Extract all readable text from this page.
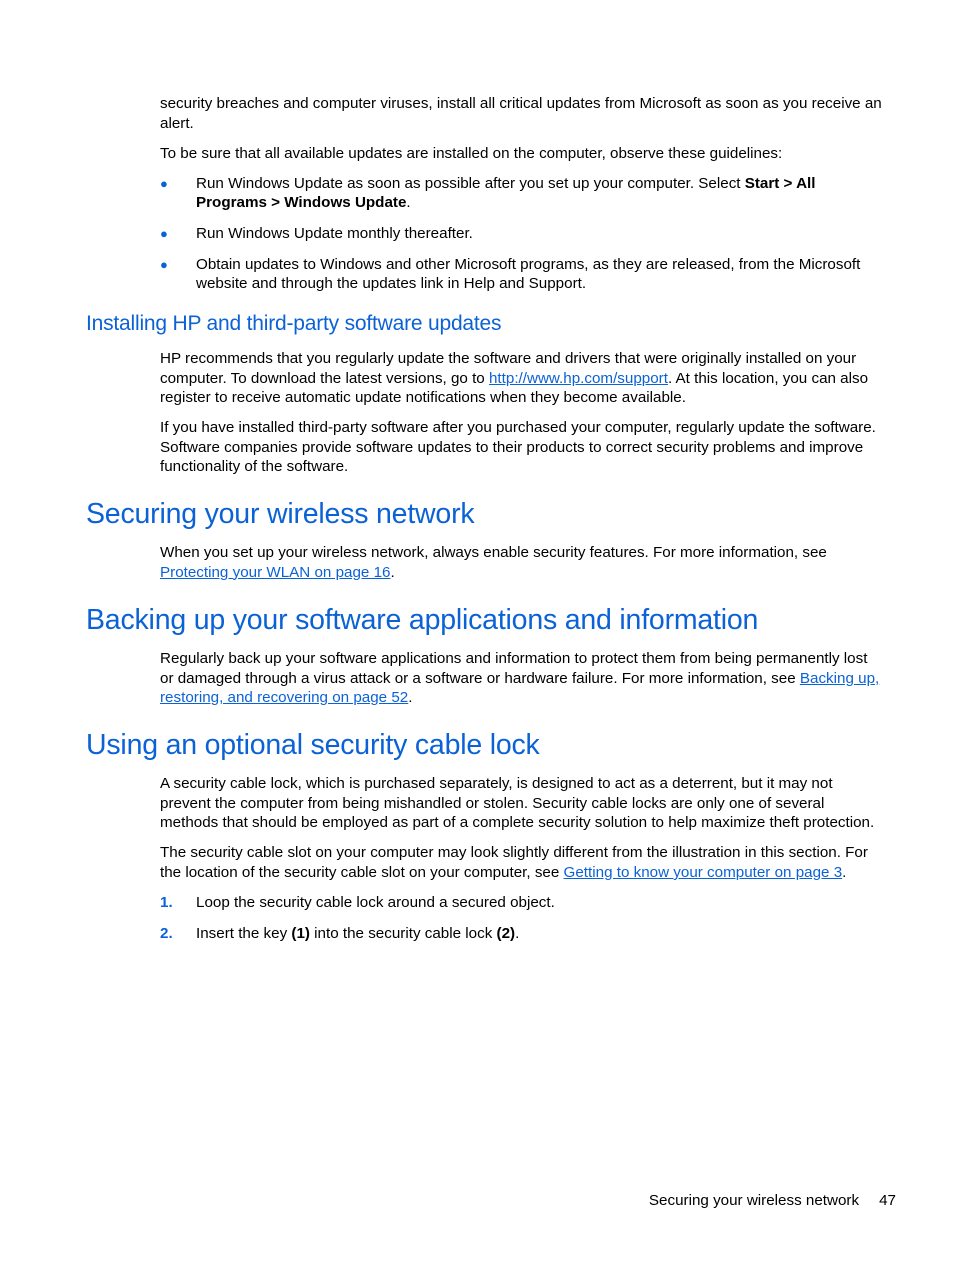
security breaches and computer viruses, install all critical updates from Microsoft as soon as you receive an alert.

To be sure that all available updates are installed on the computer, observe these guidelines:

● Run Windows Update as soon as possible after you set up your computer. Select Start > All Programs > Windows Update.
● Run Windows Update monthly thereafter.
● Obtain updates to Windows and other Microsoft programs, as they are released, from the Microsoft website and through the updates link in Help and Support.
Installing HP and third-party software updates

HP recommends that you regularly update the software and drivers that were originally installed on your computer. To download the latest versions, go to http://www.hp.com/support. At this location, you can also register to receive automatic update notifications when they become available.

If you have installed third-party software after you purchased your computer, regularly update the software. Software companies provide software updates to their products to correct security problems and improve functionality of the software.

Securing your wireless network

When you set up your wireless network, always enable security features. For more information, see Protecting your WLAN on page 16.

Backing up your software applications and information

Regularly back up your software applications and information to protect them from being permanently lost or damaged through a virus attack or a software or hardware failure. For more information, see Backing up, restoring, and recovering on page 52.

Using an optional security cable lock

A security cable lock, which is purchased separately, is designed to act as a deterrent, but it may not prevent the computer from being mishandled or stolen. Security cable locks are only one of several methods that should be employed as part of a complete security solution to help maximize theft protection.

The security cable slot on your computer may look slightly different from the illustration in this section. For the location of the security cable slot on your computer, see Getting to know your computer on page 3.

1. Loop the security cable lock around a secured object.
2. Insert the key (1) into the security cable lock (2).
Securing your wireless network 47
